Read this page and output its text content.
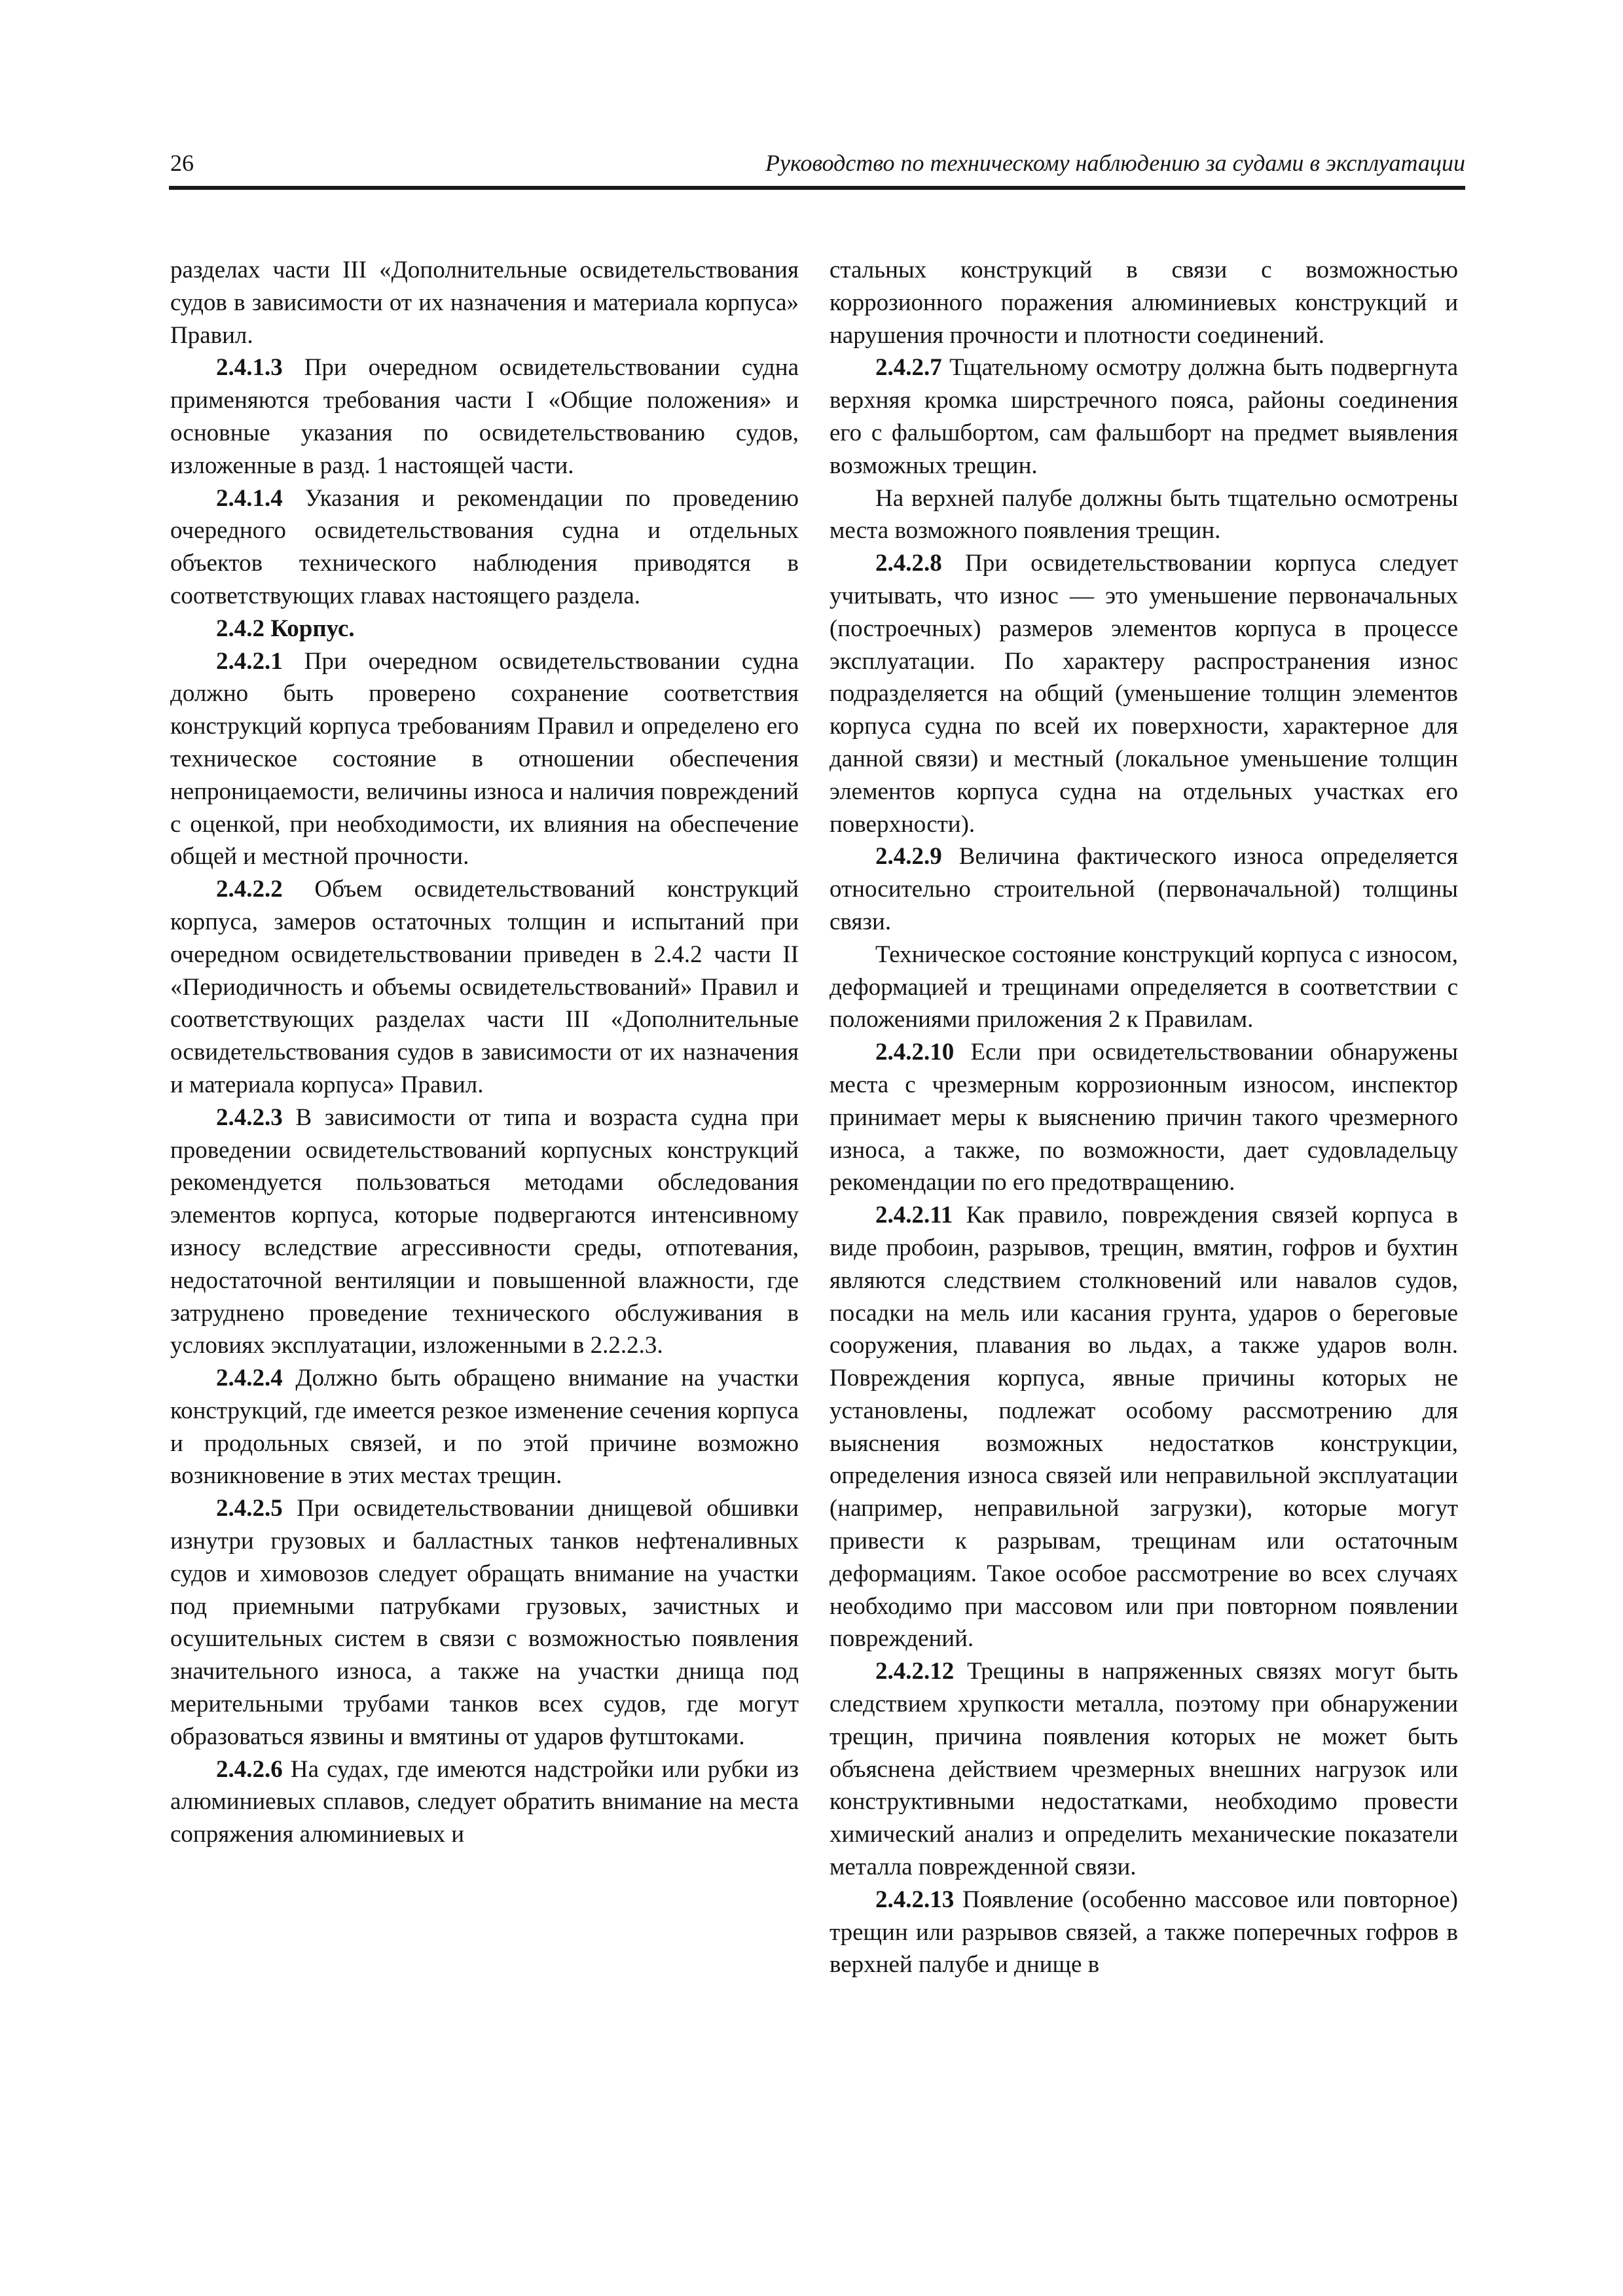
26	Руководство по техническому наблюдению за судами в эксплуатации

разделах части III «Дополнительные освидетельствования судов в зависимости от их назначения и материала корпуса» Правил.

2.4.1.3 При очередном освидетельствовании судна применяются требования части I «Общие положения» и основные указания по освидетельствованию судов, изложенные в разд. 1 настоящей части.

2.4.1.4 Указания и рекомендации по проведению очередного освидетельствования судна и отдельных объектов технического наблюдения приводятся в соответствующих главах настоящего раздела.

2.4.2 Корпус.

2.4.2.1 При очередном освидетельствовании судна должно быть проверено сохранение соответствия конструкций корпуса требованиям Правил и определено его техническое состояние в отношении обеспечения непроницаемости, величины износа и наличия повреждений с оценкой, при необходимости, их влияния на обеспечение общей и местной прочности.

2.4.2.2 Объем освидетельствований конструкций корпуса, замеров остаточных толщин и испытаний при очередном освидетельствовании приведен в 2.4.2 части II «Периодичность и объемы освидетельствований» Правил и соответствующих разделах части III «Дополнительные освидетельствования судов в зависимости от их назначения и материала корпуса» Правил.

2.4.2.3 В зависимости от типа и возраста судна при проведении освидетельствований корпусных конструкций рекомендуется пользоваться методами обследования элементов корпуса, которые подвергаются интенсивному износу вследствие агрессивности среды, отпотевания, недостаточной вентиляции и повышенной влажности, где затруднено проведение технического обслуживания в условиях эксплуатации, изложенными в 2.2.2.3.

2.4.2.4 Должно быть обращено внимание на участки конструкций, где имеется резкое изменение сечения корпуса и продольных связей, и по этой причине возможно возникновение в этих местах трещин.

2.4.2.5 При освидетельствовании днищевой обшивки изнутри грузовых и балластных танков нефтеналивных судов и химовозов следует обращать внимание на участки под приемными патрубками грузовых, зачистных и осушительных систем в связи с возможностью появления значительного износа, а также на участки днища под мерительными трубами танков всех судов, где могут образоваться язвины и вмятины от ударов футштоками.

2.4.2.6 На судах, где имеются надстройки или рубки из алюминиевых сплавов, следует обратить внимание на места сопряжения алюминиевых и

стальных конструкций в связи с возможностью коррозионного поражения алюминиевых конструкций и нарушения прочности и плотности соединений.

2.4.2.7 Тщательному осмотру должна быть подвергнута верхняя кромка ширстречного пояса, районы соединения его с фальшбортом, сам фальшборт на предмет выявления возможных трещин.

На верхней палубе должны быть тщательно осмотрены места возможного появления трещин.

2.4.2.8 При освидетельствовании корпуса следует учитывать, что износ — это уменьшение первоначальных (построечных) размеров элементов корпуса в процессе эксплуатации. По характеру распространения износ подразделяется на общий (уменьшение толщин элементов корпуса судна по всей их поверхности, характерное для данной связи) и местный (локальное уменьшение толщин элементов корпуса судна на отдельных участках его поверхности).

2.4.2.9 Величина фактического износа определяется относительно строительной (первоначальной) толщины связи.

Техническое состояние конструкций корпуса с износом, деформацией и трещинами определяется в соответствии с положениями приложения 2 к Правилам.

2.4.2.10 Если при освидетельствовании обнаружены места с чрезмерным коррозионным износом, инспектор принимает меры к выяснению причин такого чрезмерного износа, а также, по возможности, дает судовладельцу рекомендации по его предотвращению.

2.4.2.11 Как правило, повреждения связей корпуса в виде пробоин, разрывов, трещин, вмятин, гофров и бухтин являются следствием столкновений или навалов судов, посадки на мель или касания грунта, ударов о береговые сооружения, плавания во льдах, а также ударов волн. Повреждения корпуса, явные причины которых не установлены, подлежат особому рассмотрению для выяснения возможных недостатков конструкции, определения износа связей или неправильной эксплуатации (например, неправильной загрузки), которые могут привести к разрывам, трещинам или остаточным деформациям. Такое особое рассмотрение во всех случаях необходимо при массовом или при повторном появлении повреждений.

2.4.2.12 Трещины в напряженных связях могут быть следствием хрупкости металла, поэтому при обнаружении трещин, причина появления которых не может быть объяснена действием чрезмерных внешних нагрузок или конструктивными недостатками, необходимо провести химический анализ и определить механические показатели металла поврежденной связи.

2.4.2.13 Появление (особенно массовое или повторное) трещин или разрывов связей, а также поперечных гофров в верхней палубе и днище в
